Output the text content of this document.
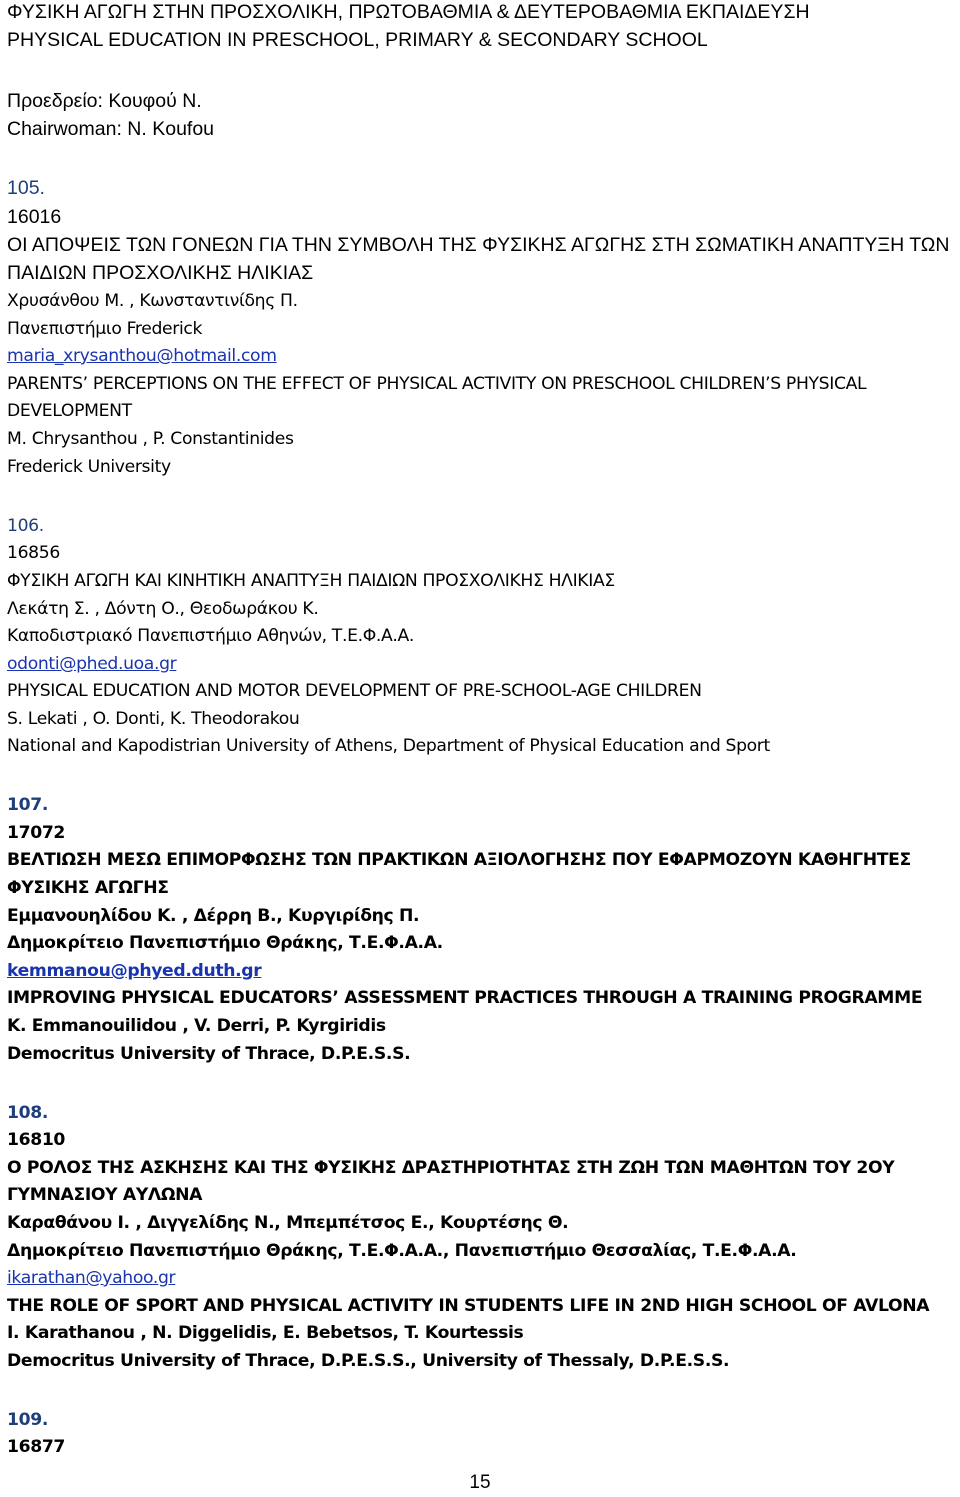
ΦΥΣΙΚΗ ΑΓΩΓΗ ΣΤΗΝ ΠΡΟΣΧΟΛΙΚΗ, ΠΡΩΤΟΒΑΘΜΙΑ & ΔΕΥΤΕΡΟΒΑΘΜΙΑ ΕΚΠΑΙΔΕΥΣΗ
PHYSICAL EDUCATION IN PRESCHOOL, PRIMARY & SECONDARY SCHOOL
Προεδρείο: Κουφού Ν.
Chairwoman: N. Koufou
105.
16016
ΟΙ ΑΠΟΨΕΙΣ ΤΩΝ ΓΟΝΕΩΝ ΓΙΑ ΤΗΝ ΣΥΜΒΟΛΗ ΤΗΣ ΦΥΣΙΚΗΣ ΑΓΩΓΗΣ ΣΤΗ ΣΩΜΑΤΙΚΗ ΑΝΑΠΤΥΞΗ ΤΩΝ
ΠΑΙΔΙΩΝ ΠΡΟΣΧΟΛΙΚΗΣ ΗΛΙΚΙΑΣ
Χρυσάνθου Μ. , Κωνσταντινίδης Π.
Πανεπιστήμιο Frederick
maria_xrysanthou@hotmail.com
PARENTS’ PERCEPTIONS ON THE EFFECT OF PHYSICAL ACTIVITY ON PRESCHOOL CHILDREN’S PHYSICAL
DEVELOPMENT
M. Chrysanthou , P. Constantinides
Frederick University
106.
16856
ΦΥΣΙΚΗ ΑΓΩΓΗ ΚΑΙ ΚΙΝΗΤΙΚΗ ΑΝΑΠΤΥΞΗ ΠΑΙΔΙΩΝ ΠΡΟΣΧΟΛΙΚΗΣ ΗΛΙΚΙΑΣ
Λεκάτη Σ. , Δόντη Ο., Θεοδωράκου Κ.
Καποδιστριακό Πανεπιστήμιο Αθηνών, Τ.Ε.Φ.Α.Α.
odonti@phed.uoa.gr
PHYSICAL EDUCATION AND MOTOR DEVELOPMENT OF PRE-SCHOOL-AGE CHILDREN
S. Lekati , O. Donti, K. Theodorakou
National and Kapodistrian University of Athens, Department of Physical Education and Sport
107.
17072
ΒΕΛΤΙΩΣΗ ΜΕΣΩ ΕΠΙΜΟΡΦΩΣΗΣ ΤΩΝ ΠΡΑΚΤΙΚΩΝ ΑΞΙΟΛΟΓΗΣΗΣ ΠΟΥ ΕΦΑΡΜΟΖΟΥΝ ΚΑΘΗΓΗΤΕΣ
ΦΥΣΙΚΗΣ ΑΓΩΓΗΣ
Εμμανουηλίδου Κ. , Δέρρη Β., Κυργιρίδης Π.
Δημοκρίτειο Πανεπιστήμιο Θράκης, Τ.Ε.Φ.Α.Α.
kemmanou@phyed.duth.gr
IMPROVING PHYSICAL EDUCATORS’ ASSESSMENT PRACTICES THROUGH A TRAINING PROGRAMME
K. Emmanouilidou , V. Derri, P. Kyrgiridis
Democritus University of Thrace, D.P.E.S.S.
108.
16810
Ο ΡΟΛΟΣ ΤΗΣ ΑΣΚΗΣΗΣ ΚΑΙ ΤΗΣ ΦΥΣΙΚΗΣ ΔΡΑΣΤΗΡΙΟΤΗΤΑΣ ΣΤΗ ΖΩΗ ΤΩΝ ΜΑΘΗΤΩΝ ΤΟΥ 2ΟΥ
ΓΥΜΝΑΣΙΟΥ ΑΥΛΩΝΑ
Καραθάνου Ι. , Διγγελίδης Ν., Μπεμπέτσος Ε., Κουρτέσης Θ.
Δημοκρίτειο Πανεπιστήμιο Θράκης, Τ.Ε.Φ.Α.Α., Πανεπιστήμιο Θεσσαλίας, Τ.Ε.Φ.Α.Α.
ikarathan@yahoo.gr
THE ROLE OF SPORT AND PHYSICAL ACTIVITY IN STUDENTS LIFE IN 2ND HIGH SCHOOL OF AVLONA
I. Karathanou , N. Diggelidis, E. Bebetsos, T. Kourtessis
Democritus University of Thrace, D.P.E.S.S., University of Thessaly, D.P.E.S.S.
109.
16877
15
